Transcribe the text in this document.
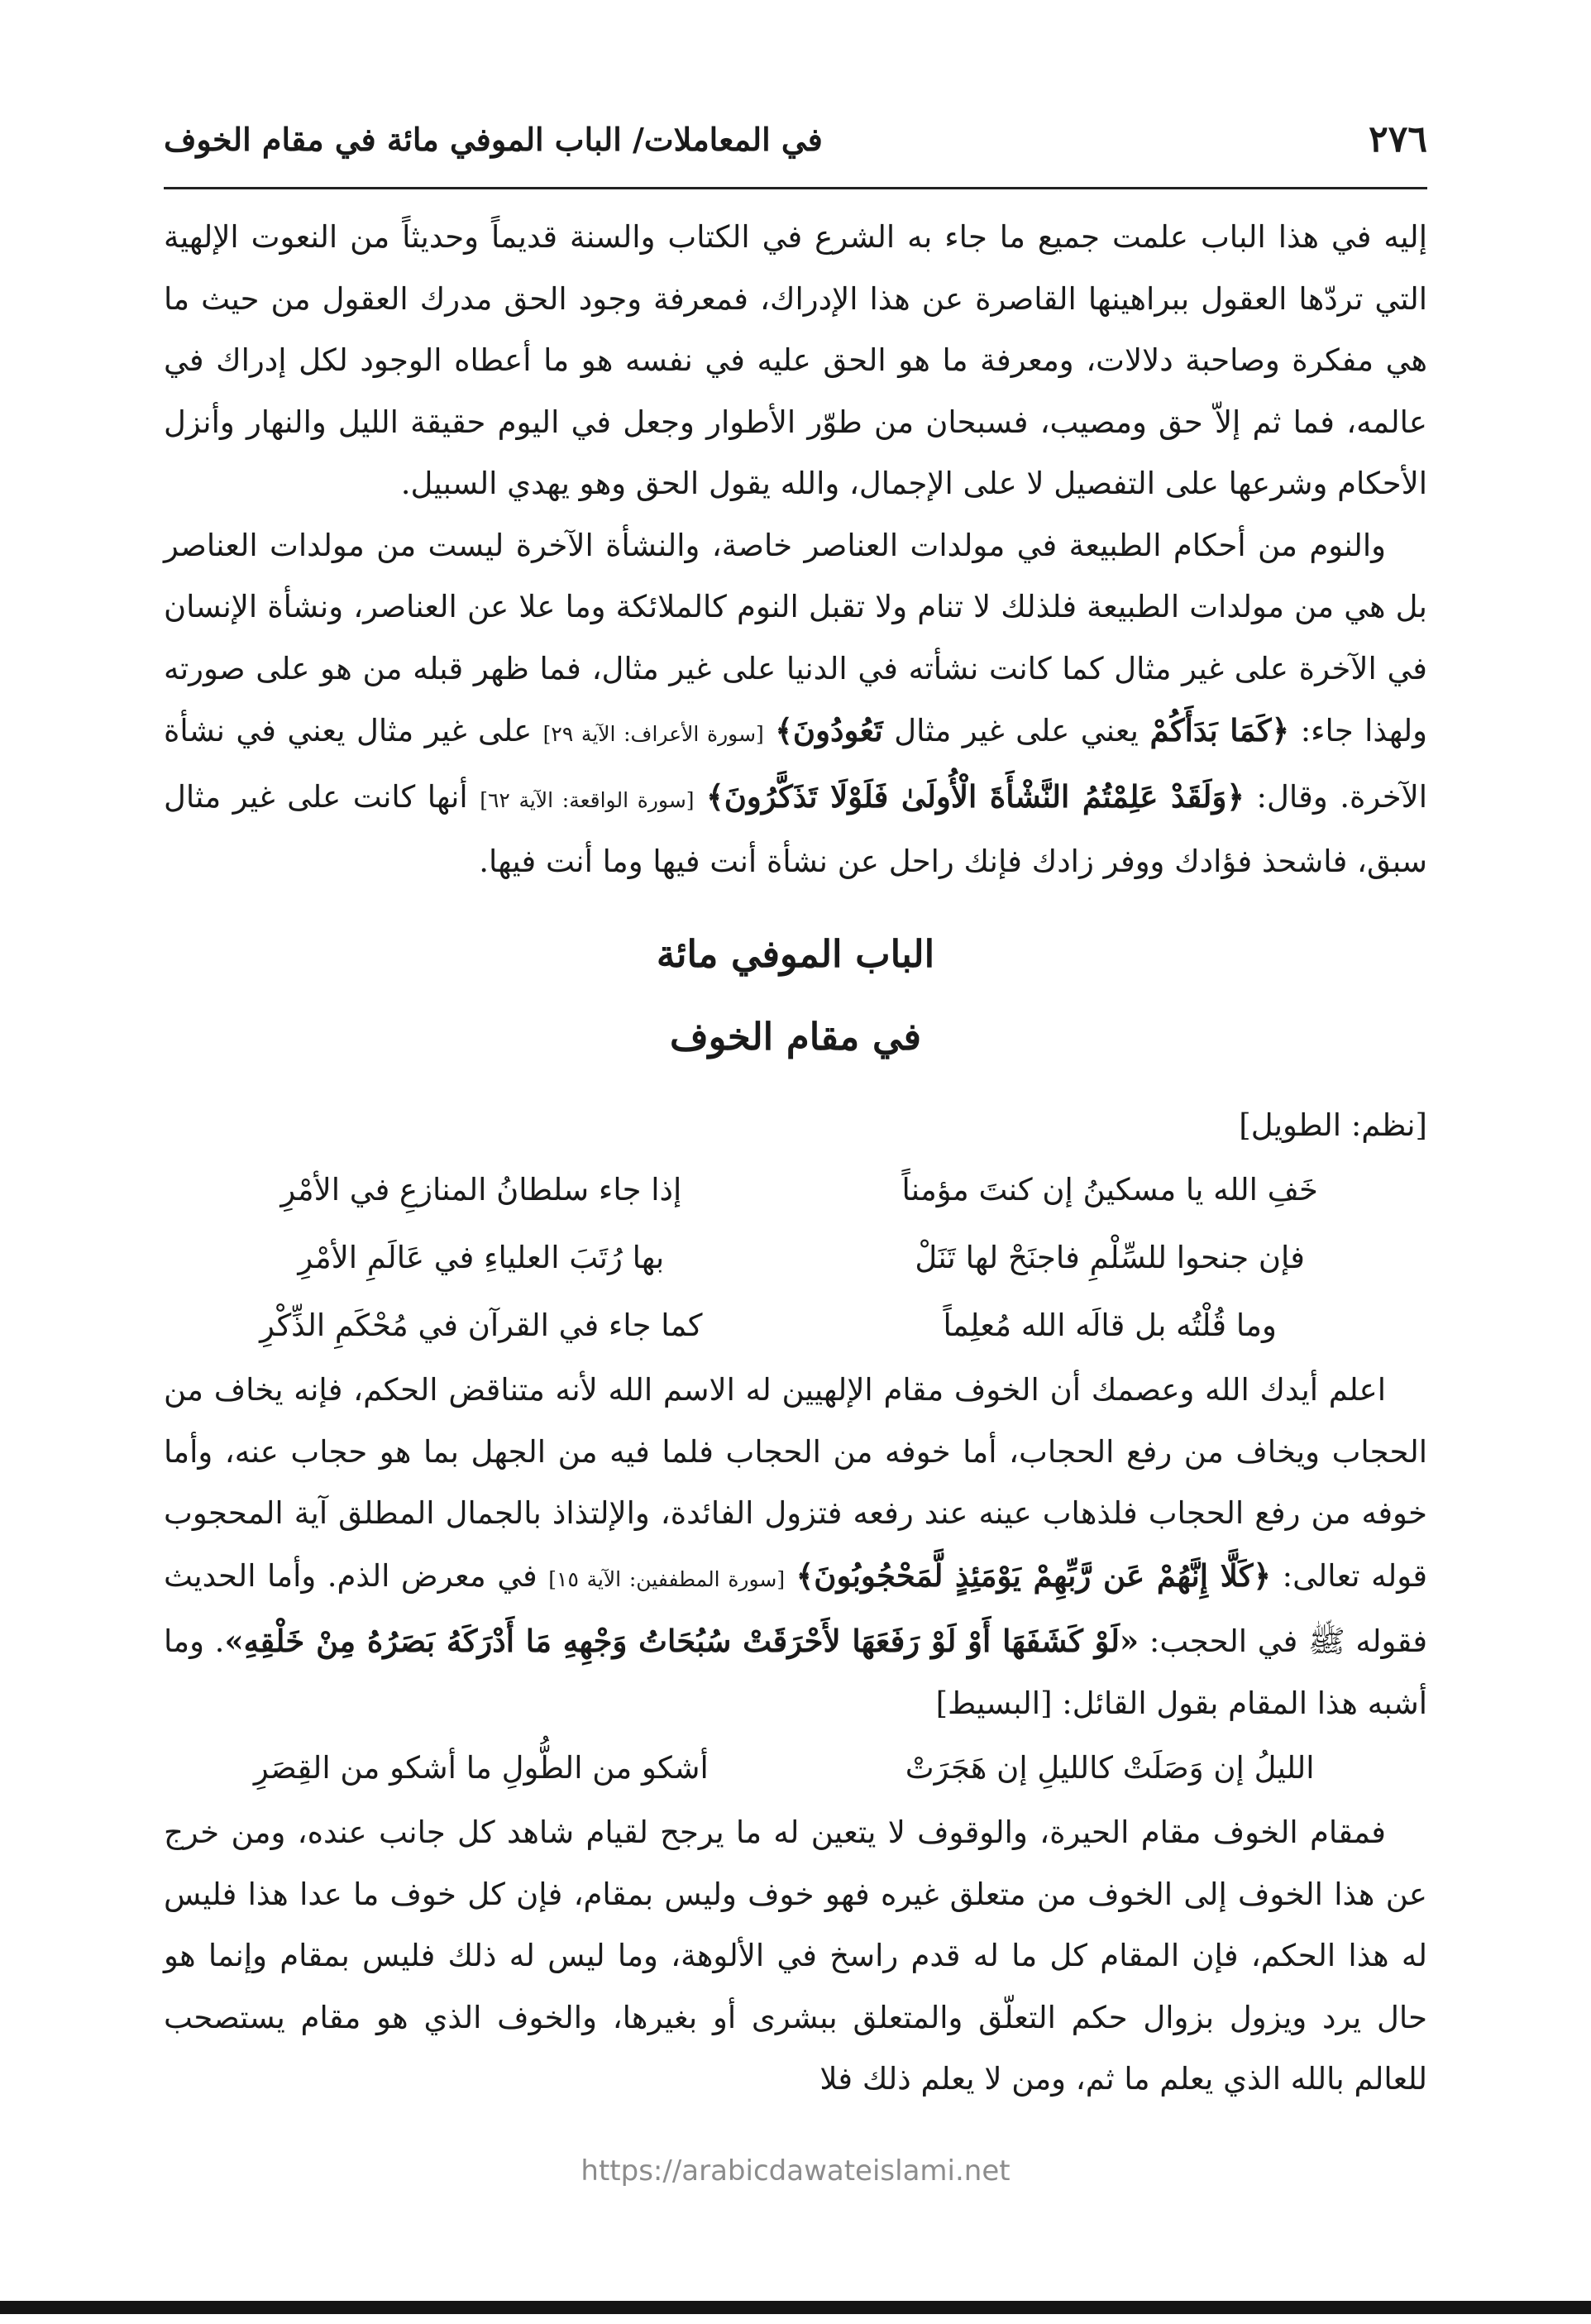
٢٧٦
في المعاملات/ الباب الموفي مائة في مقام الخوف

إليه في هذا الباب علمت جميع ما جاء به الشرع في الكتاب والسنة قديماً وحديثاً من النعوت الإلهية التي تردّها العقول ببراهينها القاصرة عن هذا الإدراك، فمعرفة وجود الحق مدرك العقول من حيث ما هي مفكرة وصاحبة دلالات، ومعرفة ما هو الحق عليه في نفسه هو ما أعطاه الوجود لكل إدراك في عالمه، فما ثم إلاّ حق ومصيب، فسبحان من طوّر الأطوار وجعل في اليوم حقيقة الليل والنهار وأنزل الأحكام وشرعها على التفصيل لا على الإجمال، والله يقول الحق وهو يهدي السبيل.

والنوم من أحكام الطبيعة في مولدات العناصر خاصة، والنشأة الآخرة ليست من مولدات العناصر بل هي من مولدات الطبيعة فلذلك لا تنام ولا تقبل النوم كالملائكة وما علا عن العناصر، ونشأة الإنسان في الآخرة على غير مثال كما كانت نشأته في الدنيا على غير مثال، فما ظهر قبله من هو على صورته ولهذا جاء: ﴿كَمَا بَدَأَكُمْ يعني على غير مثال تَعُودُونَ﴾ [سورة الأعراف: الآية ٢٩] على غير مثال يعني في نشأة الآخرة. وقال: ﴿وَلَقَدْ عَلِمْتُمُ النَّشْأَةَ الْأُولَىٰ فَلَوْلَا تَذَكَّرُونَ﴾ [سورة الواقعة: الآية ٦٢] أنها كانت على غير مثال سبق، فاشحذ فؤادك ووفر زادك فإنك راحل عن نشأة أنت فيها وما أنت فيها.

الباب الموفي مائة
في مقام الخوف
[نظم: الطويل]
خَفِ الله يا مسكينُ إن كنتَ مؤمناً
إذا جاء سلطانُ المنازعِ في الأمْرِ
فإن جنحوا للسِّلْمِ فاجنَحْ لها تَنَلْ
بها رُتَبَ العلياءِ في عَالَمِ الأمْرِ
وما قُلْتُه بل قالَه الله مُعلِماً
كما جاء في القرآن في مُحْكَمِ الذِّكْرِ

اعلم أيدك الله وعصمك أن الخوف مقام الإلهيين له الاسم الله لأنه متناقض الحكم، فإنه يخاف من الحجاب ويخاف من رفع الحجاب، أما خوفه من الحجاب فلما فيه من الجهل بما هو حجاب عنه، وأما خوفه من رفع الحجاب فلذهاب عينه عند رفعه فتزول الفائدة، والإلتذاذ بالجمال المطلق آية المحجوب قوله تعالى: ﴿كَلَّا إِنَّهُمْ عَن رَّبِّهِمْ يَوْمَئِذٍ لَّمَحْجُوبُونَ﴾ [سورة المطففين: الآية ١٥] في معرض الذم. وأما الحديث فقوله ﷺ في الحجب: «لَوْ كَشَفَهَا أَوْ لَوْ رَفَعَهَا لأَحْرَقَتْ سُبُحَاتُ وَجْهِهِ مَا أَدْرَكَهُ بَصَرُهُ مِنْ خَلْقِهِ». وما أشبه هذا المقام بقول القائل: [البسيط]

الليلُ إن وَصَلَتْ كالليلِ إن هَجَرَتْ
أشكو من الطُّولِ ما أشكو من القِصَرِ

فمقام الخوف مقام الحيرة، والوقوف لا يتعين له ما يرجح لقيام شاهد كل جانب عنده، ومن خرج عن هذا الخوف إلى الخوف من متعلق غيره فهو خوف وليس بمقام، فإن كل خوف ما عدا هذا فليس له هذا الحكم، فإن المقام كل ما له قدم راسخ في الألوهة، وما ليس له ذلك فليس بمقام وإنما هو حال يرد ويزول بزوال حكم التعلّق والمتعلق ببشرى أو بغيرها، والخوف الذي هو مقام يستصحب للعالم بالله الذي يعلم ما ثم، ومن لا يعلم ذلك فلا

https://arabicdawateislami.net
